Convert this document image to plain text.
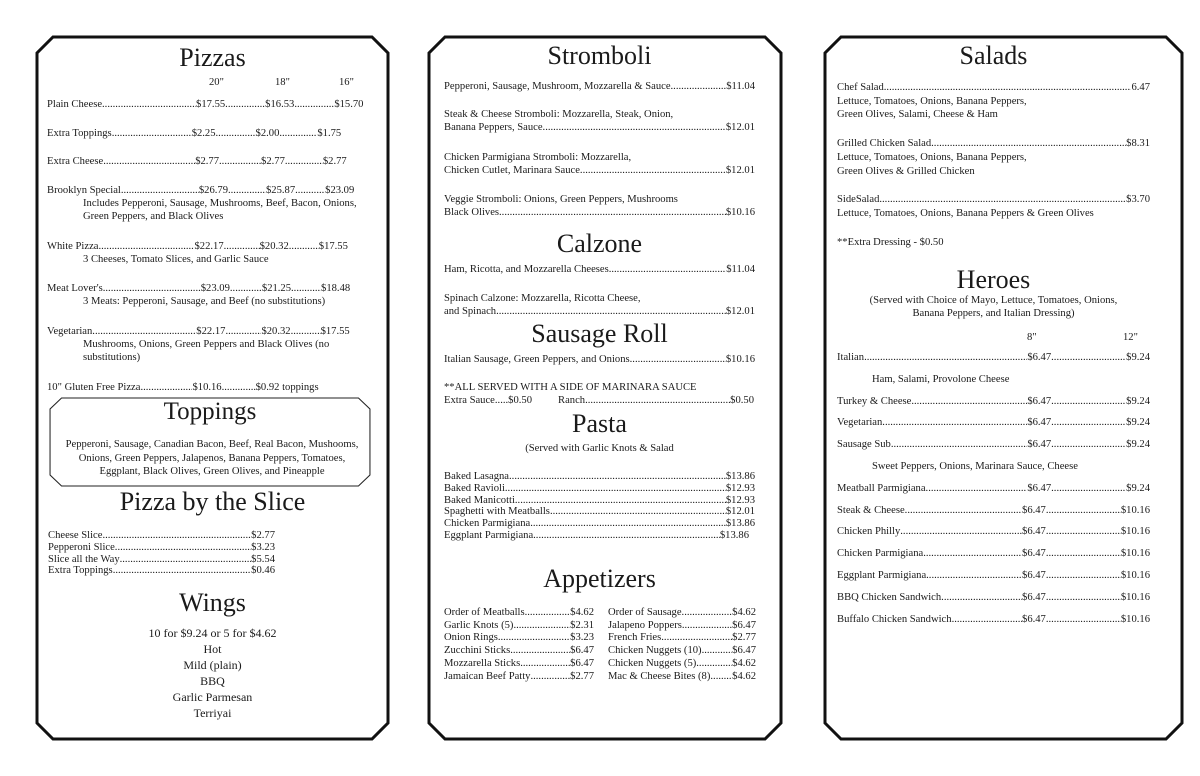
Pizzas
20"	18"	16"
Plain Cheese .....	$17.55 .....	$16.53 .....	$15.70
Extra Toppings .....	$2.25 .....	$2.00 .....	$1.75
Extra Cheese .....	$2.77 .....	$2.77 .....	$2.77
Brooklyn Special .....	$26.79 .....	$25.87 .....	$23.09
Includes Pepperoni, Sausage, Mushrooms, Beef, Bacon, Onions, Green Peppers, and Black Olives
White Pizza .....	$22.17 .....	$20.32 .....	$17.55
3 Cheeses, Tomato Slices, and Garlic Sauce
Meat Lover's .....	$23.09 .....	$21.25 .....	$18.48
3 Meats: Pepperoni, Sausage, and Beef (no substitutions)
Vegetarian .....	$22.17 .....	$20.32 .....	$17.55
Mushrooms, Onions, Green Peppers and Black Olives (no substitutions)
10" Gluten Free Pizza .....	$10.16 .....	$0.92 toppings
Toppings
Pepperoni, Sausage, Canadian Bacon, Beef, Real Bacon, Mushooms, Onions, Green Peppers, Jalapenos, Banana Peppers, Tomatoes, Eggplant, Black Olives, Green Olives, and Pineapple
Pizza by the Slice
Cheese Slice .....	$2.77
Pepperoni Slice .....	$3.23
Slice all the Way .....	$5.54
Extra Toppings .....	$0.46
Wings
10 for $9.24 or 5 for $4.62
Hot
Mild (plain)
BBQ
Garlic Parmesan
Terriyai
Stromboli
Pepperoni, Sausage, Mushroom, Mozzarella & Sauce .....	$11.04
Steak & Cheese Stromboli: Mozzarella, Steak, Onion,
Banana Peppers, Sauce .....	$12.01
Chicken Parmigiana Stromboli: Mozzarella,
Chicken Cutlet, Marinara Sauce .....	$12.01
Veggie Stromboli: Onions, Green Peppers, Mushrooms
Black Olives .....	$10.16
Calzone
Ham, Ricotta, and Mozzarella Cheeses .....	$11.04
Spinach Calzone: Mozzarella, Ricotta Cheese,
and Spinach .....	$12.01
Sausage Roll
Italian Sausage, Green Peppers, and Onions .....	$10.16
**ALL SERVED WITH A SIDE OF MARINARA SAUCE
Extra Sauce ..... $0.50 Ranch .....	$0.50
Pasta
(Served with Garlic Knots & Salad
Baked Lasagna .....	$13.86
Baked Ravioli .....	$12.93
Baked Manicotti .....	$12.93
Spaghetti with Meatballs .....	$12.01
Chicken Parmigiana .....	$13.86
Eggplant Parmigiana .....	$13.86
Appetizers
Order of Meatballs .....	$4.62
Garlic Knots (5) .....	$2.31
Onion Rings .....	$3.23
Zucchini Sticks .....	$6.47
Mozzarella Sticks .....	$6.47
Jamaican Beef Patty .....	$2.77
Order of Sausage .....	$4.62
Jalapeno Poppers .....	$6.47
French Fries .....	$2.77
Chicken Nuggets (10) .....	$6.47
Chicken Nuggets (5) .....	$4.62
Mac & Cheese Bites (8) ..... $4.62
Salads
Chef Salad .....	6.47
Lettuce, Tomatoes, Onions, Banana Peppers,
Green Olives, Salami, Cheese & Ham
Grilled Chicken Salad .....	$8.31
Lettuce, Tomatoes, Onions, Banana Peppers,
Green Olives & Grilled Chicken
SideSalad .....	$3.70
Lettuce, Tomatoes, Onions, Banana Peppers & Green Olives
**Extra Dressing - $0.50
Heroes
(Served with Choice of Mayo, Lettuce, Tomatoes, Onions,
Banana Peppers, and Italian Dressing)
8"	12"
Italian .....	$6.47 .....	$9.24
Ham, Salami, Provolone Cheese
Turkey & Cheese .....	$6.47 .....	$9.24
Vegetarian .....	$6.47 .....	$9.24
Sausage Sub .....	$6.47 .....	$9.24
Sweet Peppers, Onions, Marinara Sauce, Cheese
Meatball Parmigiana .....	$6.47 .....	$9.24
Steak & Cheese .....	$6.47 .....	$10.16
Chicken Philly .....	$6.47 .....	$10.16
Chicken Parmigiana .....	$6.47 .....	$10.16
Eggplant Parmigiana .....	$6.47 .....	$10.16
BBQ Chicken Sandwich .....	$6.47 .....	$10.16
Buffalo Chicken Sandwich .....	$6.47 .....	$10.16
